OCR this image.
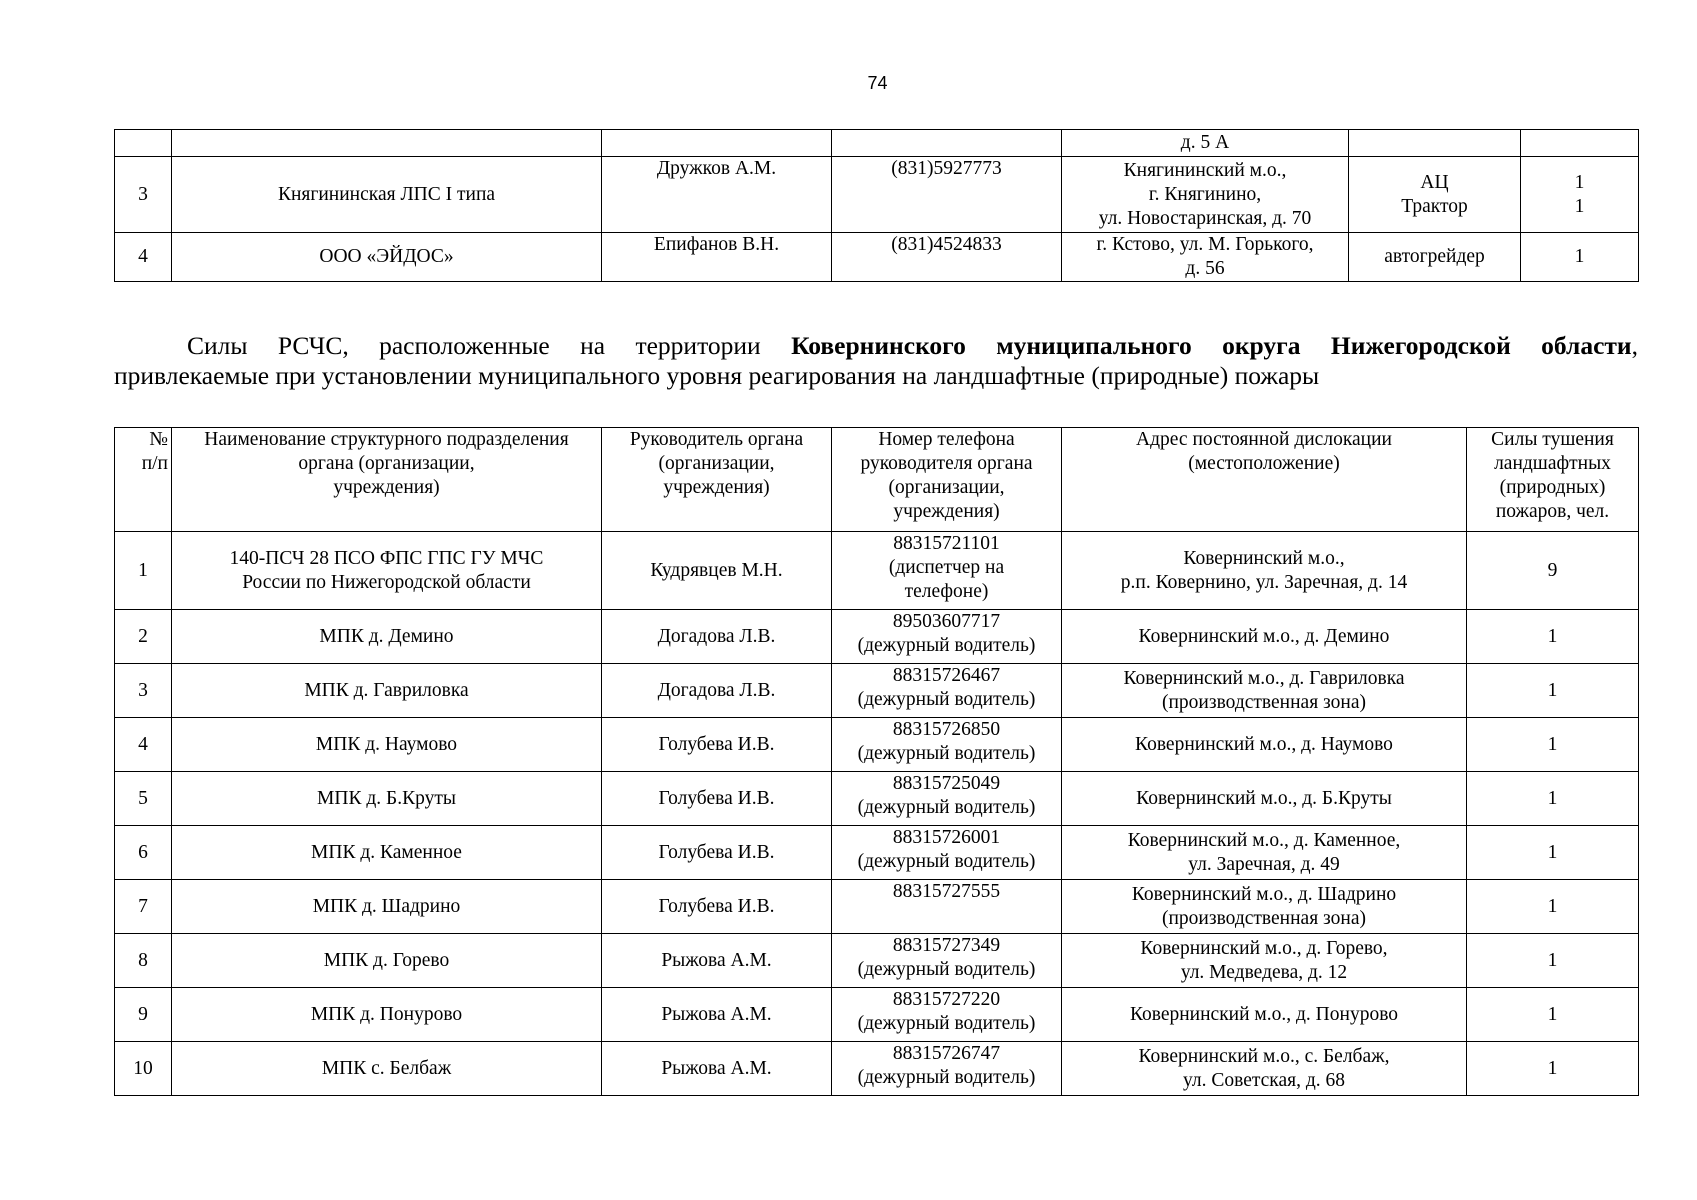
74

				д. 5 А		

3	Княгининская ЛПС I типа	Дружков А.М.	(831)5927773	Княгининский м.о.,
г. Княгинино,
ул. Новостаринская, д. 70	АЦ
Трактор	1
1

4	ООО «ЭЙДОС»	Епифанов В.Н.	(831)4524833	г. Кстово, ул. М. Горького,
д. 56	автогрейдер	1
Силы РСЧС, расположенные на территории Ковернинского муниципального округа Нижегородской области,
привлекаемые при установлении муниципального уровня реагирования на ландшафтные (природные) пожары
№
п/п	Наименование структурного подразделения
органа (организации,
учреждения)	Руководитель органа
(организации,
учреждения)	Номер телефона
руководителя органа
(организации,
учреждения)	Адрес постоянной дислокации
(местоположение)	Силы тушения
ландшафтных
(природных)
пожаров, чел.

1	140-ПСЧ 28 ПСО ФПС ГПС ГУ МЧС
России по Нижегородской области	Кудрявцев М.Н.	88315721101
(диспетчер на
телефоне)	Ковернинский м.о.,
р.п. Ковернино, ул. Заречная, д. 14	9
2	МПК д. Демино	Догадова Л.В.	89503607717
(дежурный водитель)	Ковернинский м.о., д. Демино	1
3	МПК д. Гавриловка	Догадова Л.В.	88315726467
(дежурный водитель)	Ковернинский м.о., д. Гавриловка
(производственная зона)	1
4	МПК д. Наумово	Голубева И.В.	88315726850
(дежурный водитель)	Ковернинский м.о., д. Наумово	1
5	МПК д. Б.Круты	Голубева И.В.	88315725049
(дежурный водитель)	Ковернинский м.о., д. Б.Круты	1
6	МПК д. Каменное	Голубева И.В.	88315726001
(дежурный водитель)	Ковернинский м.о., д. Каменное,
ул. Заречная, д. 49	1
7	МПК д. Шадрино	Голубева И.В.	88315727555	Ковернинский м.о., д. Шадрино
(производственная зона)	1
8	МПК д. Горево	Рыжова А.М.	88315727349
(дежурный водитель)	Ковернинский м.о., д. Горево,
ул. Медведева, д. 12	1
9	МПК д. Понурово	Рыжова А.М.	88315727220
(дежурный водитель)	Ковернинский м.о., д. Понурово	1
10	МПК с. Белбаж	Рыжова А.М.	88315726747
(дежурный водитель)	Ковернинский м.о., с. Белбаж,
ул. Советская, д. 68	1
